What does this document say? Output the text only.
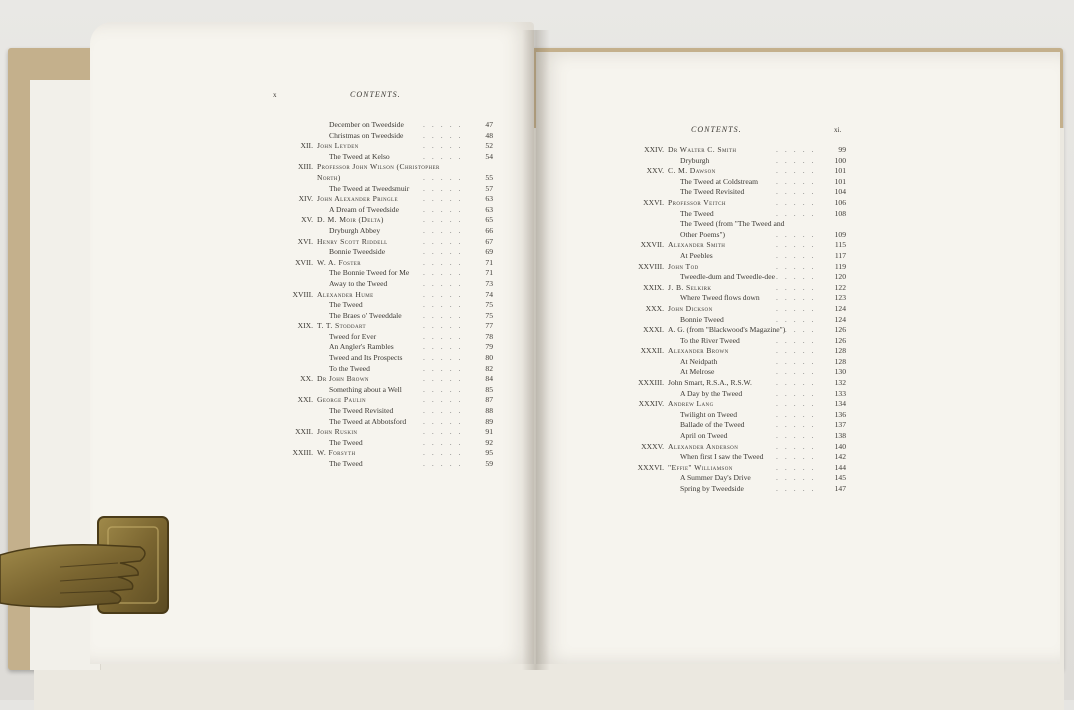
x	CONTENTS.
December on Tweedside	..... 47
Christmas on Tweedside	..... 48
XII. John Leyden	..... 52
The Tweed at Kelso	..... 54
XIII. Professor John Wilson (Christopher
North)	..... 55
The Tweed at Tweedsmuir ..... 57
XIV. John Alexander Pringle	..... 63
A Dream of Tweedside	..... 63
XV. D. M. Moir (Delta)	..... 65
Dryburgh Abbey	..... 66
XVI. Henry Scott Riddell	..... 67
Bonnie Tweedside	..... 69
XVII. W. A. Foster	..... 71
The Bonnie Tweed for Me ..... 71
Away to the Tweed	..... 73
XVIII. Alexander Hume	..... 74
The Tweed	..... 75
The Braes o' Tweeddale	..... 75
XIX. T. T. Stoddart	..... 77
Tweed for Ever	..... 78
An Angler's Rambles	..... 79
Tweed and Its Prospects	..... 80
To the Tweed	..... 82
XX. Dr John Brown	..... 84
Something about a Well	..... 85
XXI. George Paulin	..... 87
The Tweed Revisited	..... 88
The Tweed at Abbotsford ..... 89
XXII. John Ruskin	..... 91
The Tweed	..... 92
XXIII. W. Forsyth	..... 95
The Tweed	..... 59
CONTENTS.	xi.
XXIV. Dr Walter C. Smith	..... 99
Dryburgh	..... 100
XXV. C. M. Dawson	..... 101
The Tweed at Coldstream ..... 101
The Tweed Revisited	..... 104
XXVI. Professor Veitch	..... 106
The Tweed	..... 108
The Tweed (from "The Tweed and
Other Poems")	..... 109
XXVII. Alexander Smith	..... 115
At Peebles	..... 117
XXVIII. John Tod	..... 119
Tweedle-dum and Tweedle-dee ..... 120
XXIX. J. B. Selkirk	..... 122
Where Tweed flows down ..... 123
XXX. John Dickson	..... 124
Bonnie Tweed	..... 124
XXXI. A. G. (from "Blackwood's Magazine")
..... 126
To the River Tweed	..... 126
XXXII. Alexander Brown	..... 128
At Neidpath	..... 128
At Melrose	..... 130
XXXIII. John Smart, R.S.A., R.S.W.	..... 132
A Day by the Tweed	..... 133
XXXIV. Andrew Lang	..... 134
Twilight on Tweed	..... 136
Ballade of the Tweed	..... 137
April on Tweed	..... 138
XXXV. Alexander Anderson	..... 140
When first I saw the Tweed ..... 142
XXXVI. "Effie" Williamson	..... 144
A Summer Day's Drive	..... 145
Spring by Tweedside	..... 147
